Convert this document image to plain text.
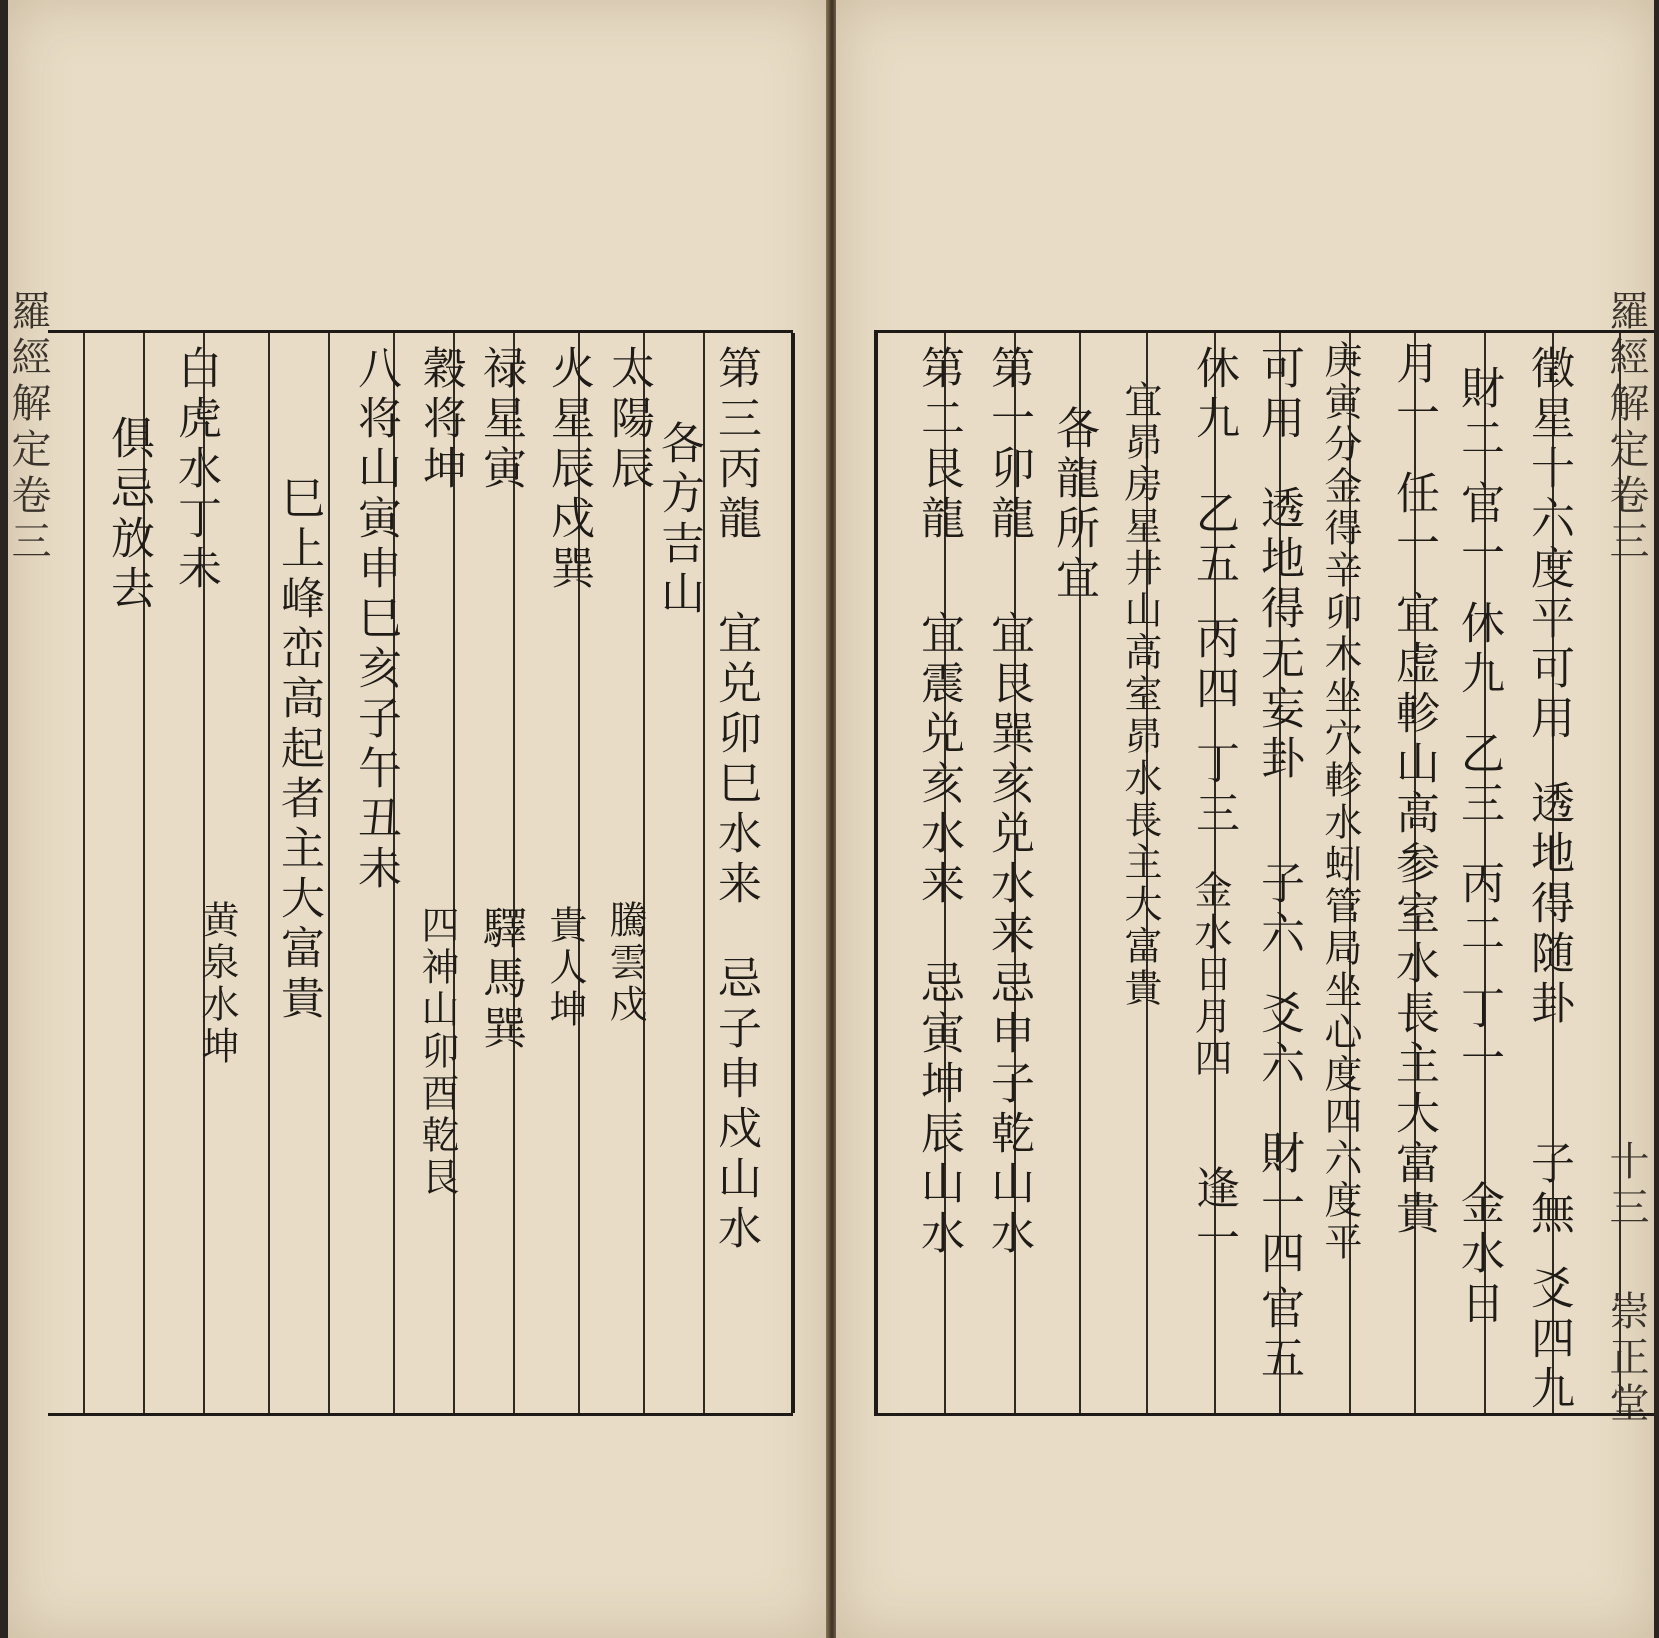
羅經解定卷三	第三丙龍
宜兑卯巳水来
忌子申戍山水
太陽辰 各方吉山
騰雲戍
火星辰戍巽
貴人坤
禄星寅
驛馬巽
穀将坤
四神山卯酉乾艮
八将山寅申巳亥子午丑未
巳上峰峦高起者主大富貴
白虎水丁未
黄泉水坤
俱忌放去	羅經解定卷三
十三
崇正堂
徵星十六度平可用
透地得随卦
子無
爻四九
財二
官一
休九
乙三
丙二
丁一
金水日
月一
任一
宜虚軫山高参室水長主大富貴
庚寅分金得辛卯木坐穴軫水蚓管局坐心度四六度平
可用
透地得无妄卦
子六
爻六
財一四
官五
休九
乙五
丙四
丁三
金水日月四
逢一
宜昴房星井山高室昴水長主大富貴
各龍所宜
第一卯龍
宜艮巽亥兑水来
忌申子乾山水
第二艮龍
宜震兑亥水来
忌寅坤辰山水
